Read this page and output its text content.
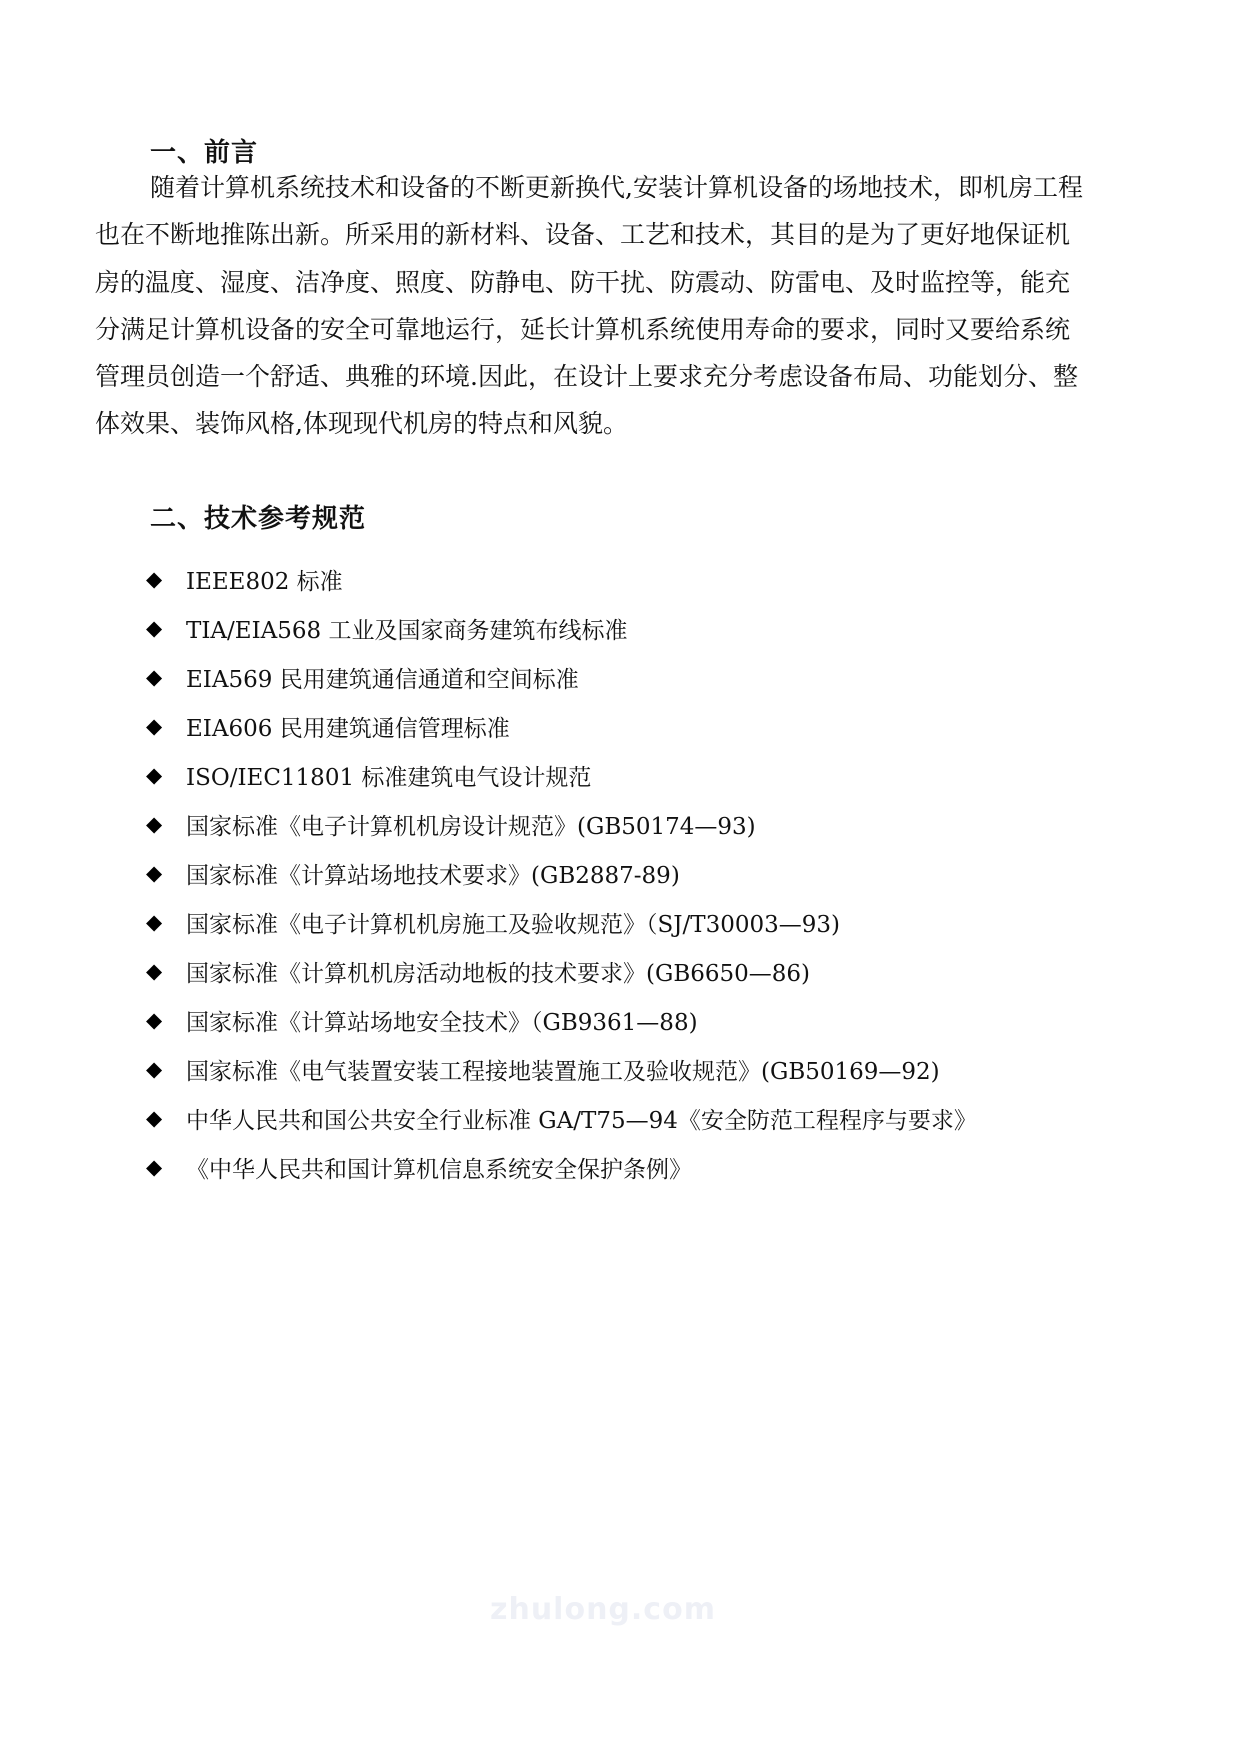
一、前言
随着计算机系统技术和设备的不断更新换代,安装计算机设备的场地技术，即机房工程
也在不断地推陈出新。所采用的新材料、设备、工艺和技术，其目的是为了更好地保证机
房的温度、湿度、洁净度、照度、防静电、防干扰、防震动、防雷电、及时监控等，能充
分满足计算机设备的安全可靠地运行，延长计算机系统使用寿命的要求，同时又要给系统
管理员创造一个舒适、典雅的环境.因此，在设计上要求充分考虑设备布局、功能划分、整
体效果、装饰风格,体现现代机房的特点和风貌。
二、技术参考规范
◆ IEEE802 标准
◆ TIA/EIA568 工业及国家商务建筑布线标准
◆ EIA569 民用建筑通信通道和空间标准
◆ EIA606 民用建筑通信管理标准
◆ ISO/IEC11801 标准建筑电气设计规范
◆ 国家标准《电子计算机机房设计规范》(GB50174—93)
◆ 国家标准《计算站场地技术要求》(GB2887-89)
◆ 国家标准《电子计算机机房施工及验收规范》（SJ/T30003—93)
◆ 国家标准《计算机机房活动地板的技术要求》(GB6650—86)
◆ 国家标准《计算站场地安全技术》（GB9361—88)
◆ 国家标准《电气装置安装工程接地装置施工及验收规范》(GB50169—92)
◆ 中华人民共和国公共安全行业标准 GA/T75—94《安全防范工程程序与要求》
◆ 《中华人民共和国计算机信息系统安全保护条例》
zhulong.com
